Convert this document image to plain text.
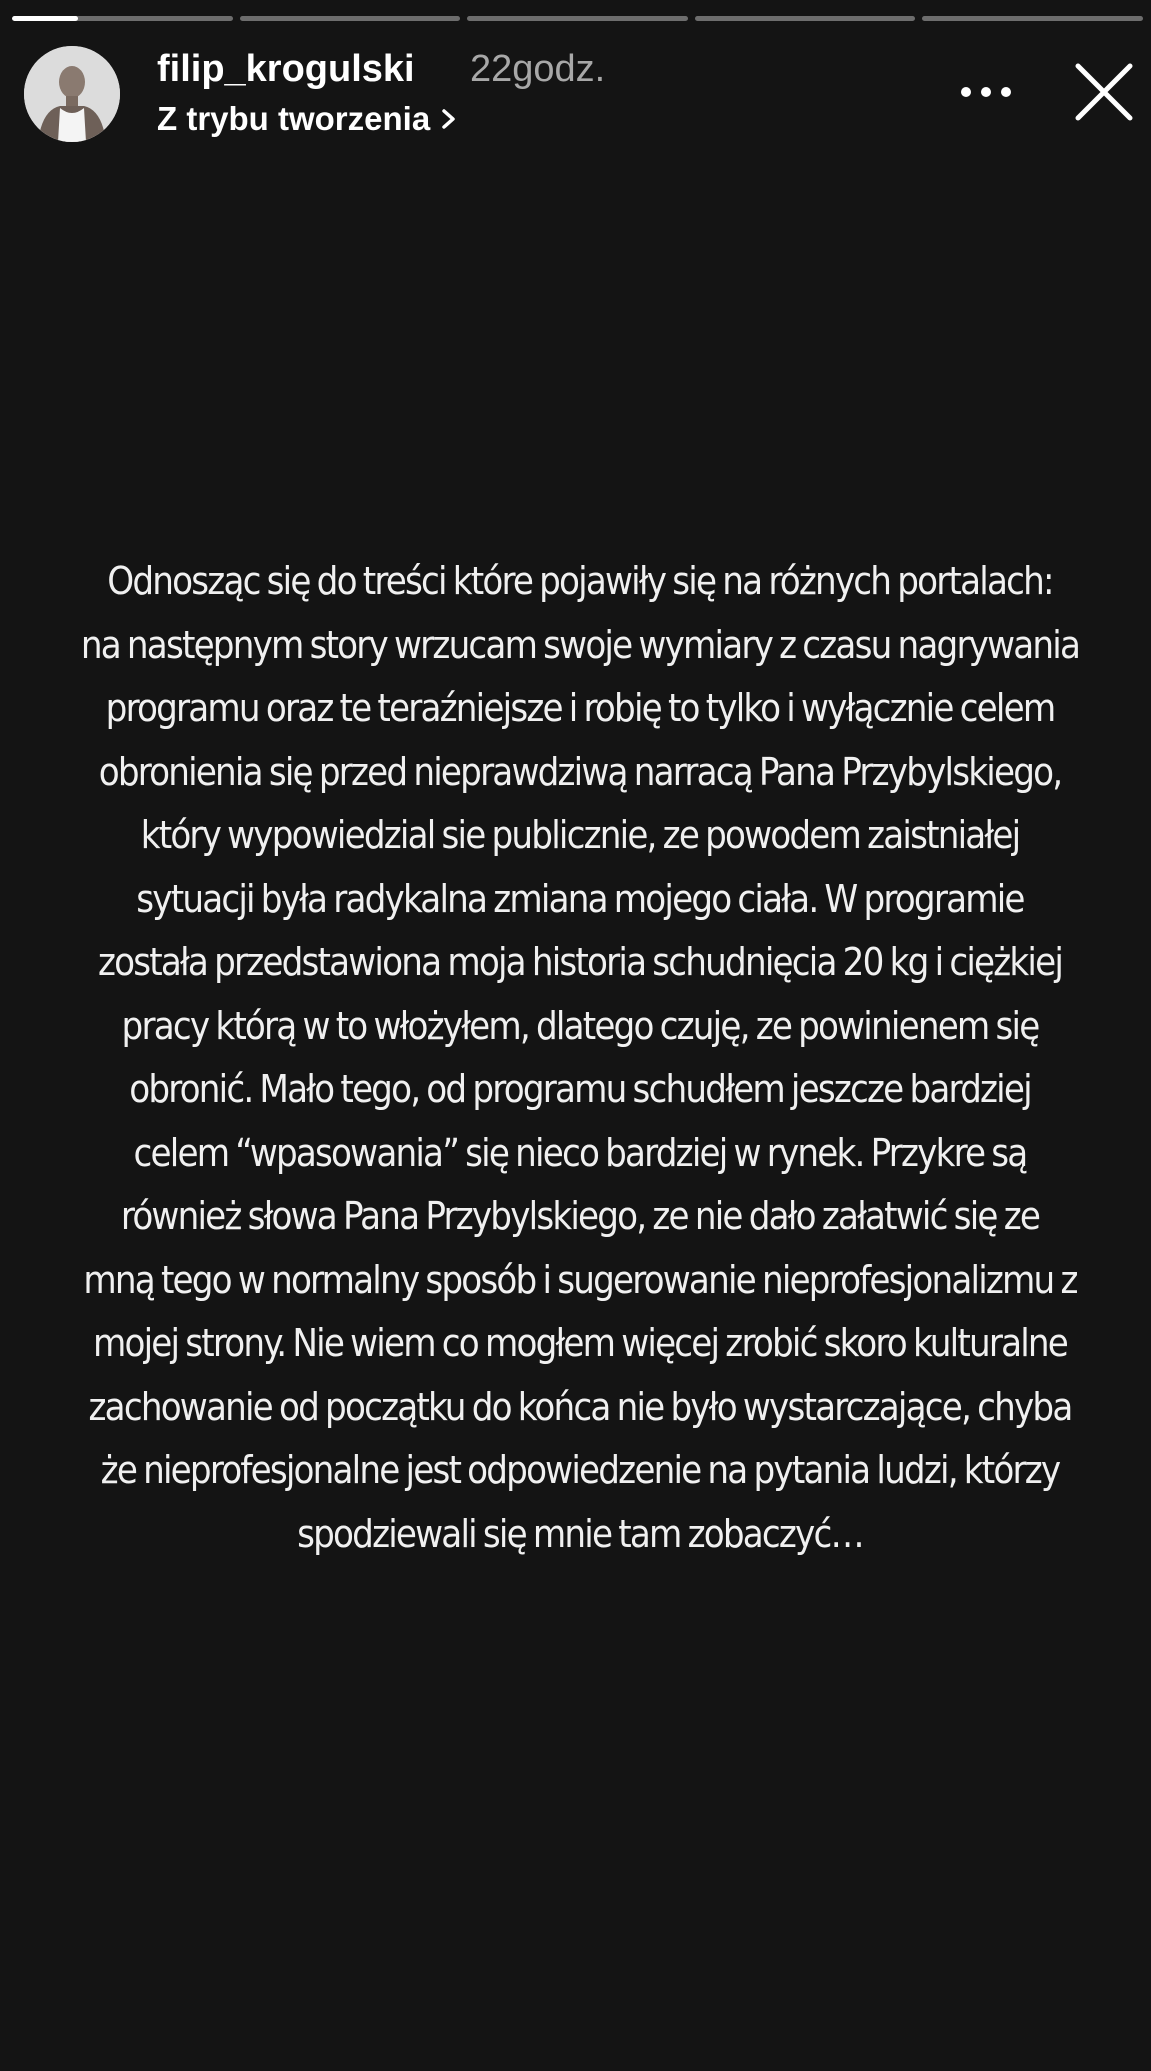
filip_krogulski 22godz.
Z trybu tworzenia
Odnosząc się do treści które pojawiły się na różnych portalach:
na następnym story wrzucam swoje wymiary z czasu nagrywania
programu oraz te teraźniejsze i robię to tylko i wyłącznie celem
obronienia się przed nieprawdziwą narracą Pana Przybylskiego,
który wypowiedzial sie publicznie, ze powodem zaistniałej
sytuacji była radykalna zmiana mojego ciała. W programie
została przedstawiona moja historia schudnięcia 20 kg i ciężkiej
pracy którą w to włożyłem, dlatego czuję, ze powinienem się
obronić. Mało tego, od programu schudłem jeszcze bardziej
celem “wpasowania” się nieco bardziej w rynek. Przykre są
również słowa Pana Przybylskiego, ze nie dało załatwić się ze
mną tego w normalny sposób i sugerowanie nieprofesjonalizmu z
mojej strony. Nie wiem co mogłem więcej zrobić skoro kulturalne
zachowanie od początku do końca nie było wystarczające, chyba
że nieprofesjonalne jest odpowiedzenie na pytania ludzi, którzy
spodziewali się mnie tam zobaczyć…
